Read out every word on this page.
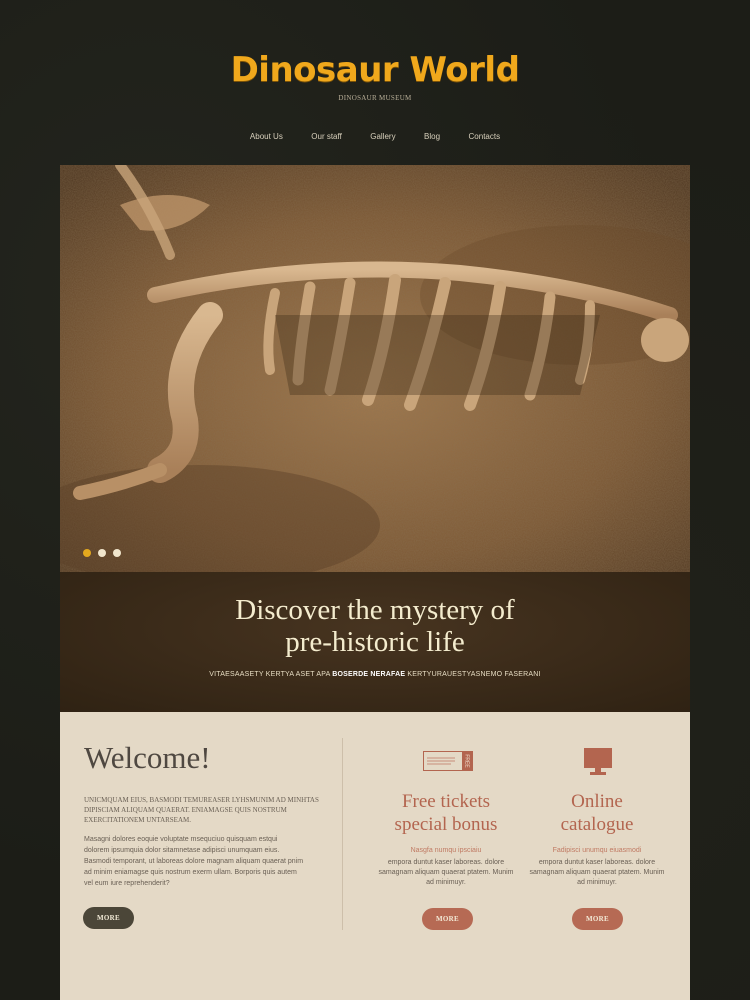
Dinosaur World
DINOSAUR MUSEUM
About Us	Our staff	Gallery	Blog	Contacts
Discover the mystery of
pre-historic life
VITAESAASETY KERTYA ASET APA BOSERDE NERAFAE KERTYURAUESTYASNEMO FASERANI
Welcome!
UNICMQUAM EIUS, BASMODI TEMUREASER LYHSMUNIM AD MINHTAS DIPISCIAM ALIQUAM QUAERAT. ENIAMAGSE QUIS NOSTRUM EXERCITATIONEM UNTARSEAM.
Masagni dolores eoquie voluptate msequciuo quisquam estqui dolorem ipsumquia dolor sitamnetase adipisci unumquam eius. Basmodi temporant, ut laboreas dolore magnam aliquam quaerat pnim ad minim eniamagse quis nostrum exerm ullam. Borporis quis autem vel eum iure reprehenderit?
MORE
FREE
Free tickets
special bonus
Nasgfa numqu ipsciaiu
empora duntut kaser laboreas. dolore samagnam aliquam quaerat ptatem. Munim ad minimuyr.
MORE
Online
catalogue
Fadipisci unumqu eiuasmodi
empora duntut kaser laboreas. dolore samagnam aliquam quaerat ptatem. Munim ad minimuyr.
MORE
